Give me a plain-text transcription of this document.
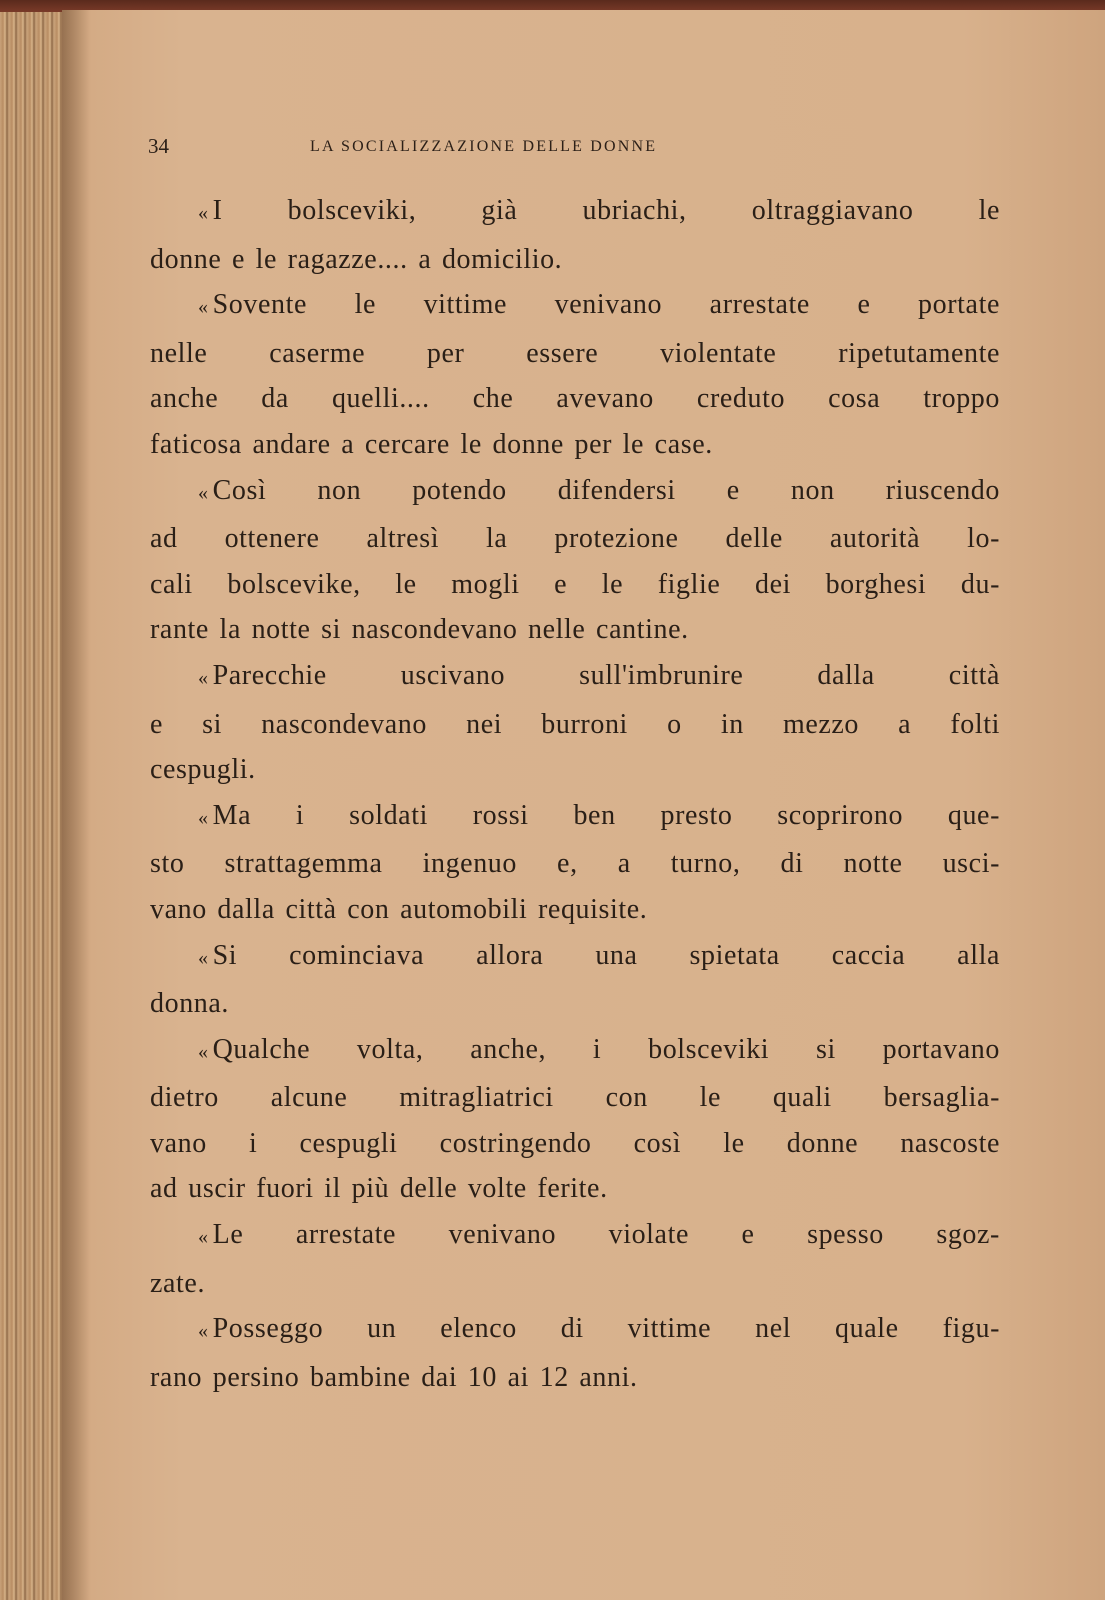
34	LA SOCIALIZZAZIONE DELLE DONNE
« I bolsceviki, già ubriachi, oltraggiavano le
donne e le ragazze.... a domicilio.
« Sovente le vittime venivano arrestate e portate
nelle caserme per essere violentate ripetutamente
anche da quelli.... che avevano creduto cosa troppo
faticosa andare a cercare le donne per le case.
« Così non potendo difendersi e non riuscendo
ad ottenere altresì la protezione delle autorità lo-
cali bolscevike, le mogli e le figlie dei borghesi du-
rante la notte si nascondevano nelle cantine.
« Parecchie uscivano sull'imbrunire dalla città
e si nascondevano nei burroni o in mezzo a folti
cespugli.
« Ma i soldati rossi ben presto scoprirono que-
sto strattagemma ingenuo e, a turno, di notte usci-
vano dalla città con automobili requisite.
« Si cominciava allora una spietata caccia alla
donna.
« Qualche volta, anche, i bolsceviki si portavano
dietro alcune mitragliatrici con le quali bersaglia-
vano i cespugli costringendo così le donne nascoste
ad uscir fuori il più delle volte ferite.
« Le arrestate venivano violate e spesso sgoz-
zate.
« Posseggo un elenco di vittime nel quale figu-
rano persino bambine dai 10 ai 12 anni.
